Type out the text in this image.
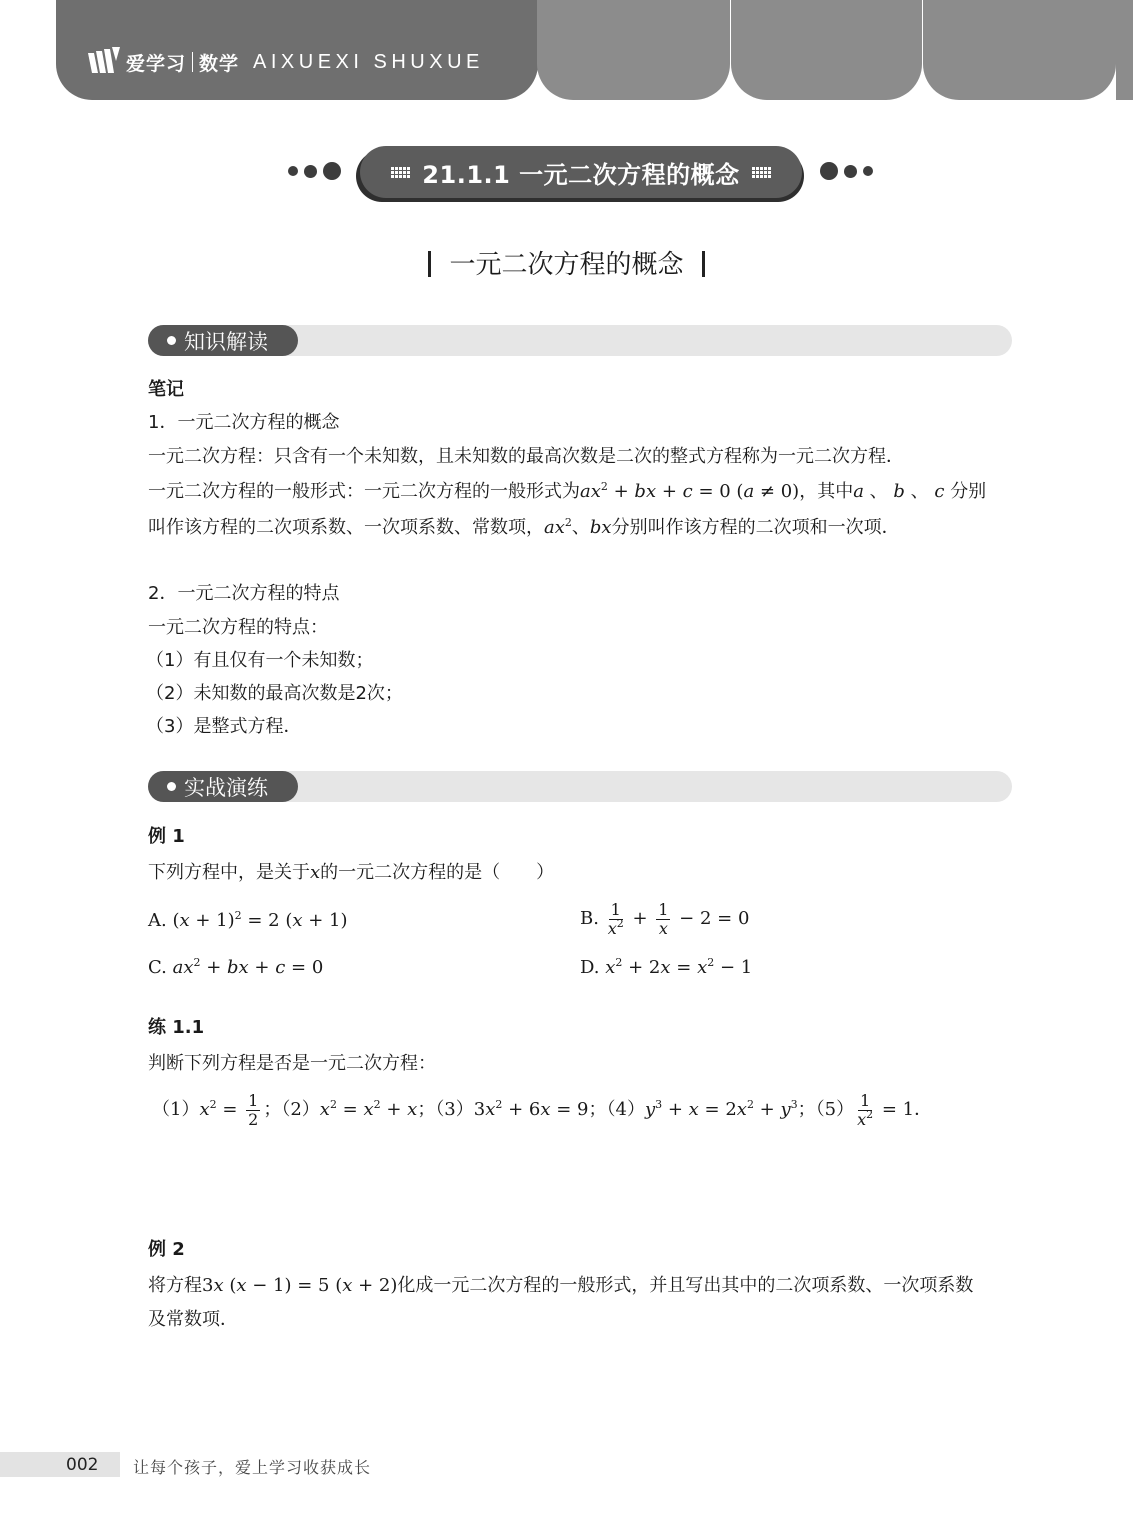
爱学习 数学 AIXUEXI SHUXUE
21.1.1 一元二次方程的概念
一元二次方程的概念
知识解读
笔记
1．一元二次方程的概念
一元二次方程：只含有一个未知数，且未知数的最高次数是二次的整式方程称为一元二次方程．
一元二次方程的一般形式：一元二次方程的一般形式为$ax^2$ + bx + c = 0 (a ≠ 0)，其中a 、 b 、 c 分别
叫作该方程的二次项系数、一次项系数、常数项，$ax^2$、bx分别叫作该方程的二次项和一次项．
2．一元二次方程的特点
一元二次方程的特点：
（1）有且仅有一个未知数；
（2）未知数的最高次数是2次；
（3）是整式方程．
实战演练
例 1
下列方程中，是关于x的一元二次方程的是（　　）
A. $(x + 1)^2 = 2$ (x + 1)	B. $\frac{1}{x^2} + \frac{1}{x} - 2 = 0$
C. $ax^2$ + bx + c = 0	D. $x^2 + 2x = x^2 - 1$
练 1.1
判断下列方程是否是一元二次方程：
$(1)x^2 = \frac{1}{2}$ ；$(2)x^2 = x^2 + x$；$(3)3x^2 + 6x = 9$；$(4)y^3 + x = 2x^2 + y^3$；$(5) \frac{1}{x^2} = 1$．
例 2
将方程3x (x − 1) = 5 (x + 2)化成一元二次方程的一般形式，并且写出其中的二次项系数、一次项系数
及常数项．
002 让每个孩子，爱上学习收获成长
